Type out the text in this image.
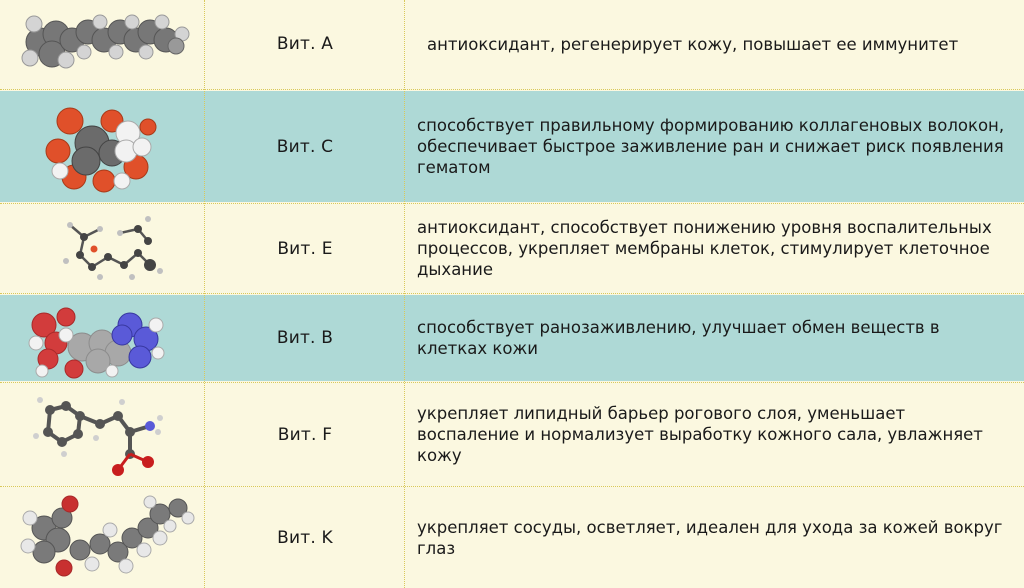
Вит. A	антиоксидант, регенерирует кожу, повышает ее иммунитет
Вит. C
способствует правильному формированию коллагеновых волокон, обеспечивает быстрое заживление ран и снижает риск появления гематом
Вит. E
антиоксидант, способствует понижению уровня воспалительных процессов, укрепляет мембраны клеток, стимулирует клеточное дыхание
Вит. B
способствует ранозаживлению, улучшает обмен веществ в клетках кожи
Вит. F
укрепляет липидный барьер рогового слоя, уменьшает воспаление и нормализует выработку кожного сала, увлажняет кожу
Вит. K
укрепляет сосуды, осветляет, идеален для ухода за кожей вокруг глаз
